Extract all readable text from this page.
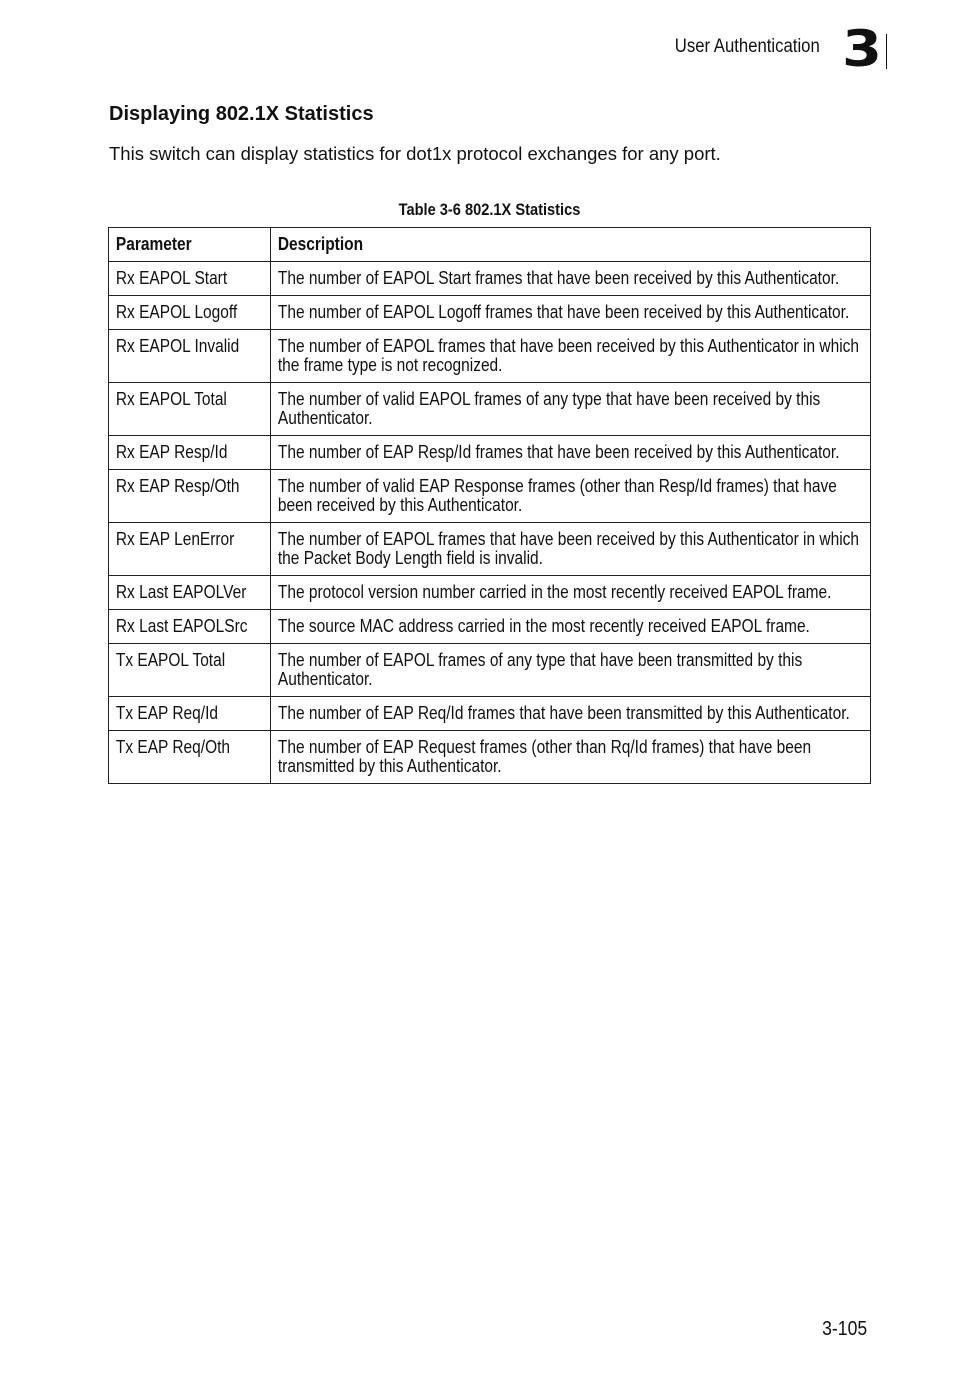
User Authentication 3
Displaying 802.1X Statistics

This switch can display statistics for dot1x protocol exchanges for any port.

Table 3-6 802.1X Statistics
Parameter	Description

Rx EAPOL Start	The number of EAPOL Start frames that have been received by this Authenticator.

Rx EAPOL Logoff	The number of EAPOL Logoff frames that have been received by this Authenticator.

Rx EAPOL Invalid	The number of EAPOL frames that have been received by this Authenticator in which the frame type is not recognized.

Rx EAPOL Total	The number of valid EAPOL frames of any type that have been received by this Authenticator.

Rx EAP Resp/Id	The number of EAP Resp/Id frames that have been received by this Authenticator.

Rx EAP Resp/Oth	The number of valid EAP Response frames (other than Resp/Id frames) that have been received by this Authenticator.

Rx EAP LenError	The number of EAPOL frames that have been received by this Authenticator in which the Packet Body Length field is invalid.

Rx Last EAPOLVer	The protocol version number carried in the most recently received EAPOL frame.

Rx Last EAPOLSrc	The source MAC address carried in the most recently received EAPOL frame.

Tx EAPOL Total	The number of EAPOL frames of any type that have been transmitted by this Authenticator.

Tx EAP Req/Id	The number of EAP Req/Id frames that have been transmitted by this Authenticator.

Tx EAP Req/Oth	The number of EAP Request frames (other than Rq/Id frames) that have been transmitted by this Authenticator.
3-105
